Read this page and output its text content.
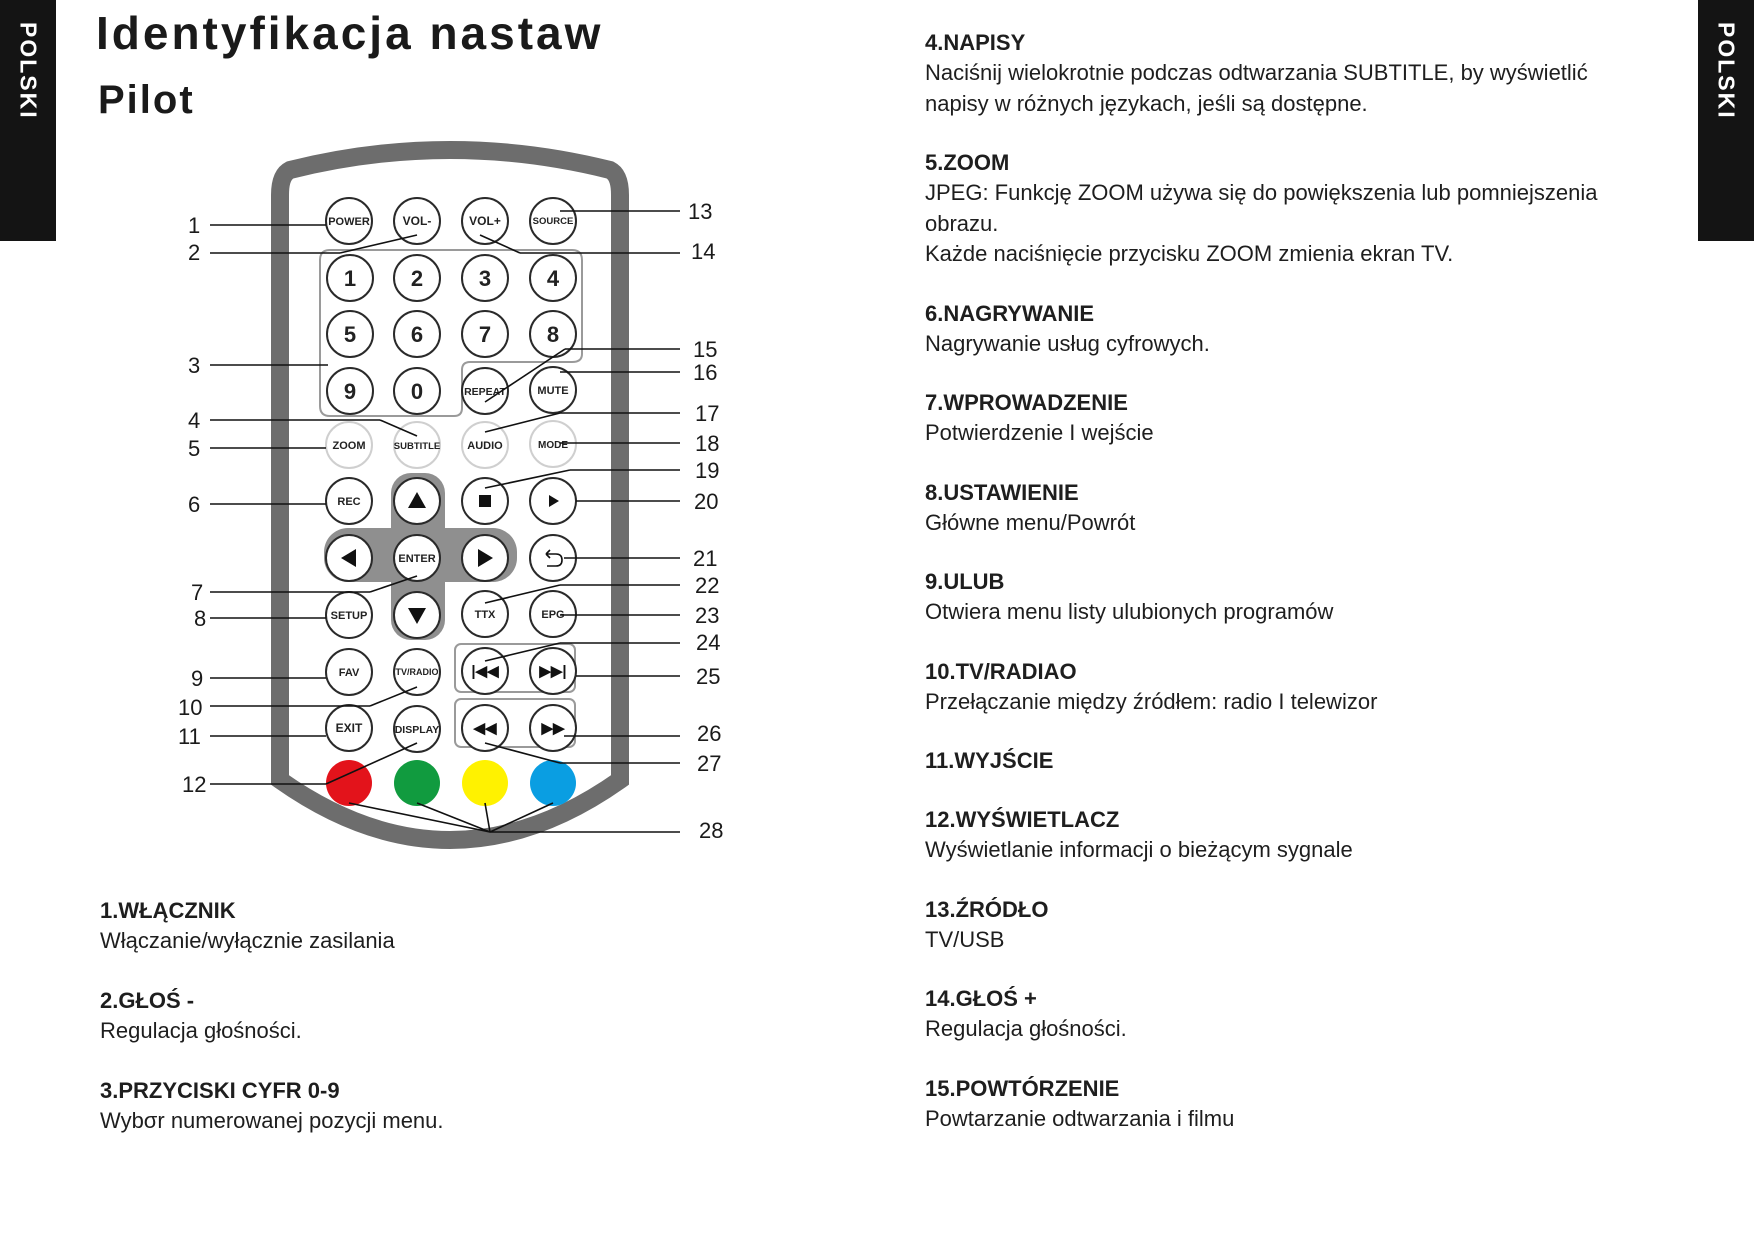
POLSKI	POLSKI
Identyfikacja nastaw
Pilot
POWER	VOL-	VOL+	SOURCE
1 2	3	4
5 6	7	8
9 0	REPEAT	MUTE
ZOOM	SUBTITLE AUDIO	MODE
REC
ENTER
SETUP	TTX	EPG
FAV	TV/RADIO |◀◀	▶▶|
EXIT	DISPLAY ◀◀	▶▶
1
2
3
4
5
6
7
8
9
10
11
12
13
14
15
16
17
18
19
20
21
22
23
24
25
26
27
28
1.WŁĄCZNIK
Włączanie/wyłącznie zasilania
2.GŁOŚ -
Regulacja głośności.
3.PRZYCISKI CYFR 0-9
Wybσr numerowanej pozycji menu.
4.NAPISY
Naciśnij wielokrotnie podczas odtwarzania SUBTITLE, by wyświetlić
napisy w różnych językach, jeśli są dostępne.
5.ZOOM
JPEG: Funkcję ZOOM używa się do powiększenia lub pomniejszenia
obrazu.
Każde naciśnięcie przycisku ZOOM zmienia ekran TV.
6.NAGRYWANIE
Nagrywanie usług cyfrowych.
7.WPROWADZENIE
Potwierdzenie I wejście
8.USTAWIENIE
Główne menu/Powrót
9.ULUB
Otwiera menu listy ulubionych programów
10.TV/RADIAO
Przełączanie między źródłem: radio I telewizor
11.WYJŚCIE
12.WYŚWIETLACZ
Wyświetlanie informacji o bieżącym sygnale
13.ŹRÓDŁO
TV/USB
14.GŁOŚ +
Regulacja głośności.
15.POWTÓRZENIE
Powtarzanie odtwarzania i filmu
